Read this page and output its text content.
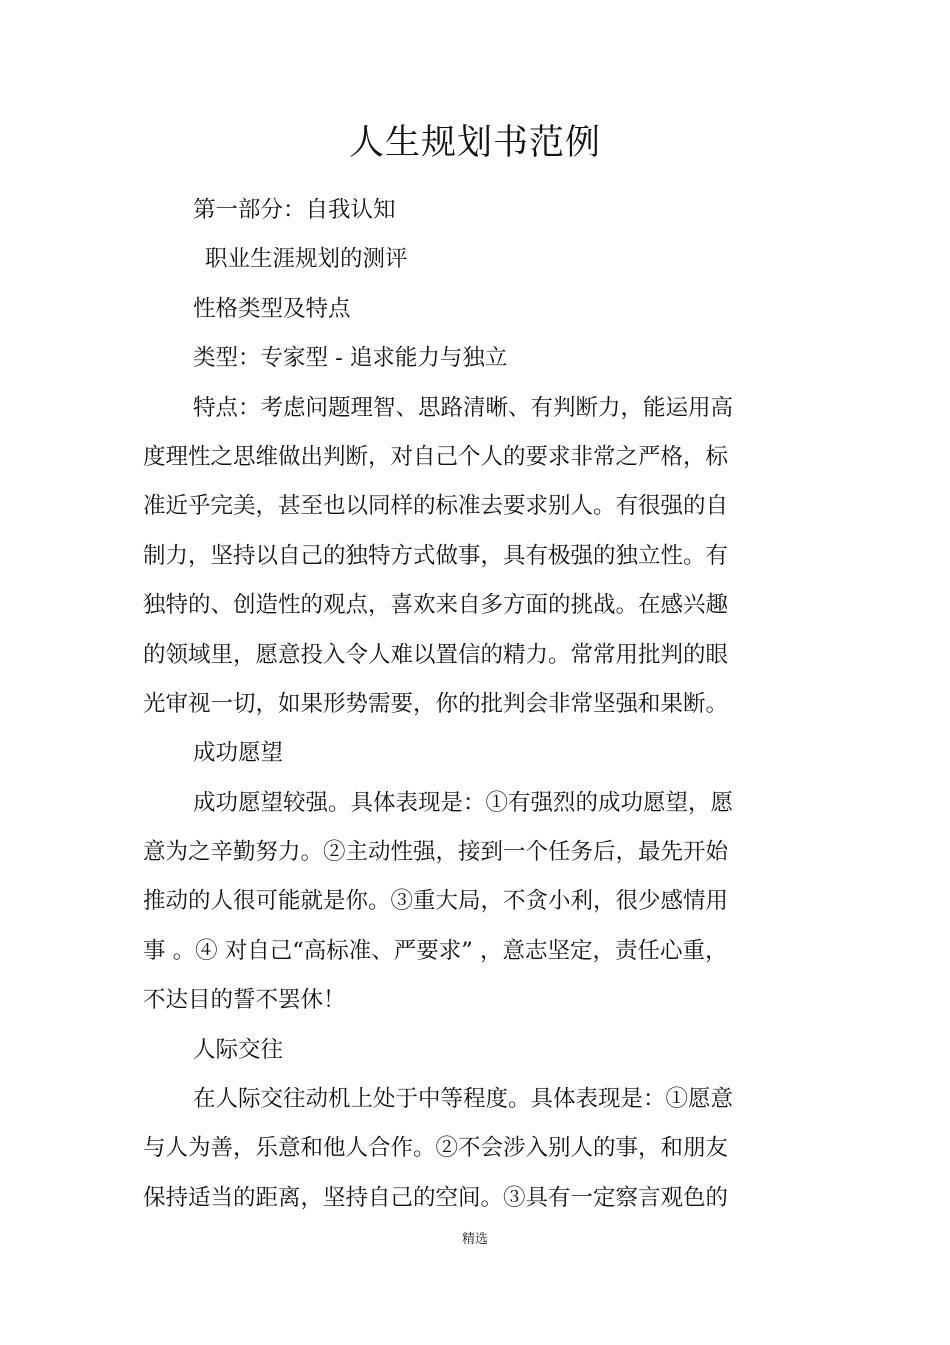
人生规划书范例
第一部分：自我认知
职业生涯规划的测评
性格类型及特点
类型：专家型 - 追求能力与独立
特点：考虑问题理智、思路清晰、有判断力，能运用高
度理性之思维做出判断，对自己个人的要求非常之严格，标
准近乎完美，甚至也以同样的标准去要求别人。有很强的自
制力，坚持以自己的独特方式做事，具有极强的独立性。有
独特的、创造性的观点，喜欢来自多方面的挑战。在感兴趣
的领域里，愿意投入令人难以置信的精力。常常用批判的眼
光审视一切，如果形势需要，你的批判会非常坚强和果断。
成功愿望
成功愿望较强。具体表现是：①有强烈的成功愿望，愿
意为之辛勤努力。②主动性强，接到一个任务后，最先开始
推动的人很可能就是你。③重大局，不贪小利，很少感情用
事 。④ 对自己“高标准、严要求” ，意志坚定，责任心重，
不达目的誓不罢休！
人际交往
在人际交往动机上处于中等程度。具体表现是：①愿意
与人为善，乐意和他人合作。②不会涉入别人的事，和朋友
保持适当的距离，坚持自己的空间。③具有一定察言观色的
精选
